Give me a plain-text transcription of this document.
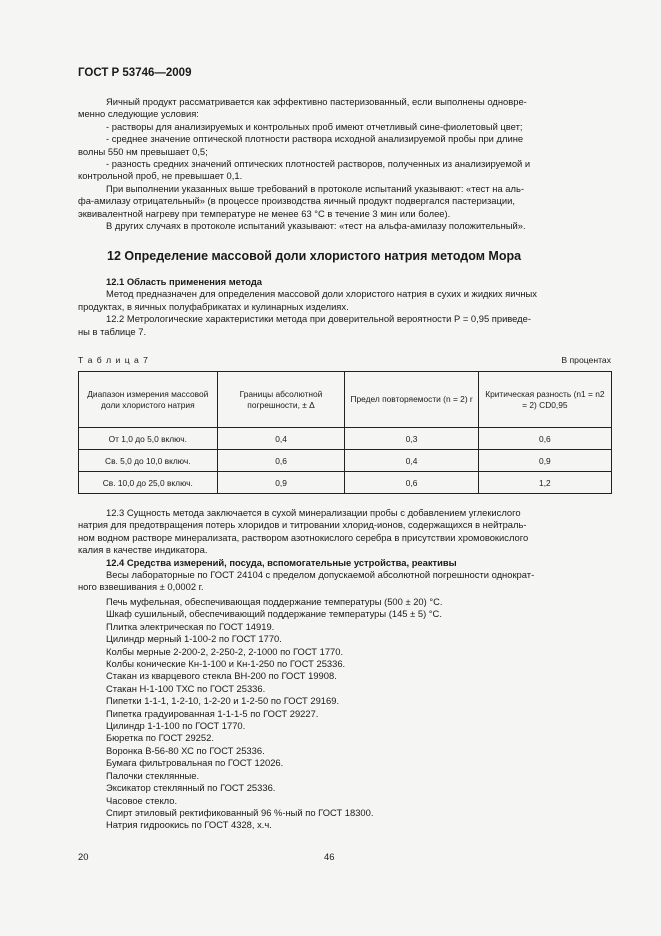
ГОСТ Р 53746—2009

Яичный продукт рассматривается как эффективно пастеризованный, если выполнены одновре-

менно следующие условия:

- растворы для анализируемых и контрольных проб имеют отчетливый сине-фиолетовый цвет;

- среднее значение оптической плотности раствора исходной анализируемой пробы при длине

волны 550 нм превышает 0,5;

- разность средних значений оптических плотностей растворов, полученных из анализируемой и

контрольной проб, не превышает 0,1.

При выполнении указанных выше требований в протоколе испытаний указывают: «тест на аль-

фа-амилазу отрицательный» (в процессе производства яичный продукт подвергался пастеризации,

эквивалентной нагреву при температуре не менее 63 °С в течение 3 мин или более).

В других случаях в протоколе испытаний указывают: «тест на альфа-амилазу положительный».

12 Определение массовой доли хлористого натрия методом Мора

12.1 Область применения метода

Метод предназначен для определения массовой доли хлористого натрия в сухих и жидких яичных

продуктах, в яичных полуфабрикатах и кулинарных изделиях.

12.2 Метрологические характеристики метода при доверительной вероятности Р = 0,95 приведе-

ны в таблице 7.

Т а б л и ц а 7	В процентах
Диапазон измерения массовой доли хлористого натрия	Границы абсолютной погрешности, ± Δ	Предел повторяемости (n = 2) r	Критическая разность (n1 = n2 = 2) CD0,95
От 1,0 до 5,0 включ.	0,4	0,3	0,6
Св. 5,0 до 10,0 включ.	0,6	0,4	0,9
Св. 10,0 до 25,0 включ.	0,9	0,6	1,2

12.3 Сущность метода заключается в сухой минерализации пробы с добавлением углекислого

натрия для предотвращения потерь хлоридов и титровании хлорид-ионов, содержащихся в нейтраль-

ном водном растворе минерализата, раствором азотнокислого серебра в присутствии хромовокислого

калия в качестве индикатора.

12.4 Средства измерений, посуда, вспомогательные устройства, реактивы

Весы лабораторные по ГОСТ 24104 с пределом допускаемой абсолютной погрешности однократ-

ного взвешивания ± 0,0002 г.

Печь муфельная, обеспечивающая поддержание температуры (500 ± 20) °С.
Шкаф сушильный, обеспечивающий поддержание температуры (145 ± 5) °С.
Плитка электрическая по ГОСТ 14919.
Цилиндр мерный 1-100-2 по ГОСТ 1770.
Колбы мерные 2-200-2, 2-250-2, 2-1000 по ГОСТ 1770.
Колбы конические Кн-1-100 и Кн-1-250 по ГОСТ 25336.
Стакан из кварцевого стекла ВН-200 по ГОСТ 19908.
Стакан Н-1-100 ТХС по ГОСТ 25336.
Пипетки 1-1-1, 1-2-10, 1-2-20 и 1-2-50 по ГОСТ 29169.
Пипетка градуированная 1-1-1-5 по ГОСТ 29227.
Цилиндр 1-1-100 по ГОСТ 1770.
Бюретка по ГОСТ 29252.
Воронка В-56-80 ХС по ГОСТ 25336.
Бумага фильтровальная по ГОСТ 12026.
Палочки стеклянные.
Эксикатор стеклянный по ГОСТ 25336.
Часовое стекло.
Спирт этиловый ректификованный 96 %-ный по ГОСТ 18300.
Натрия гидроокись по ГОСТ 4328, х.ч.
20	46
